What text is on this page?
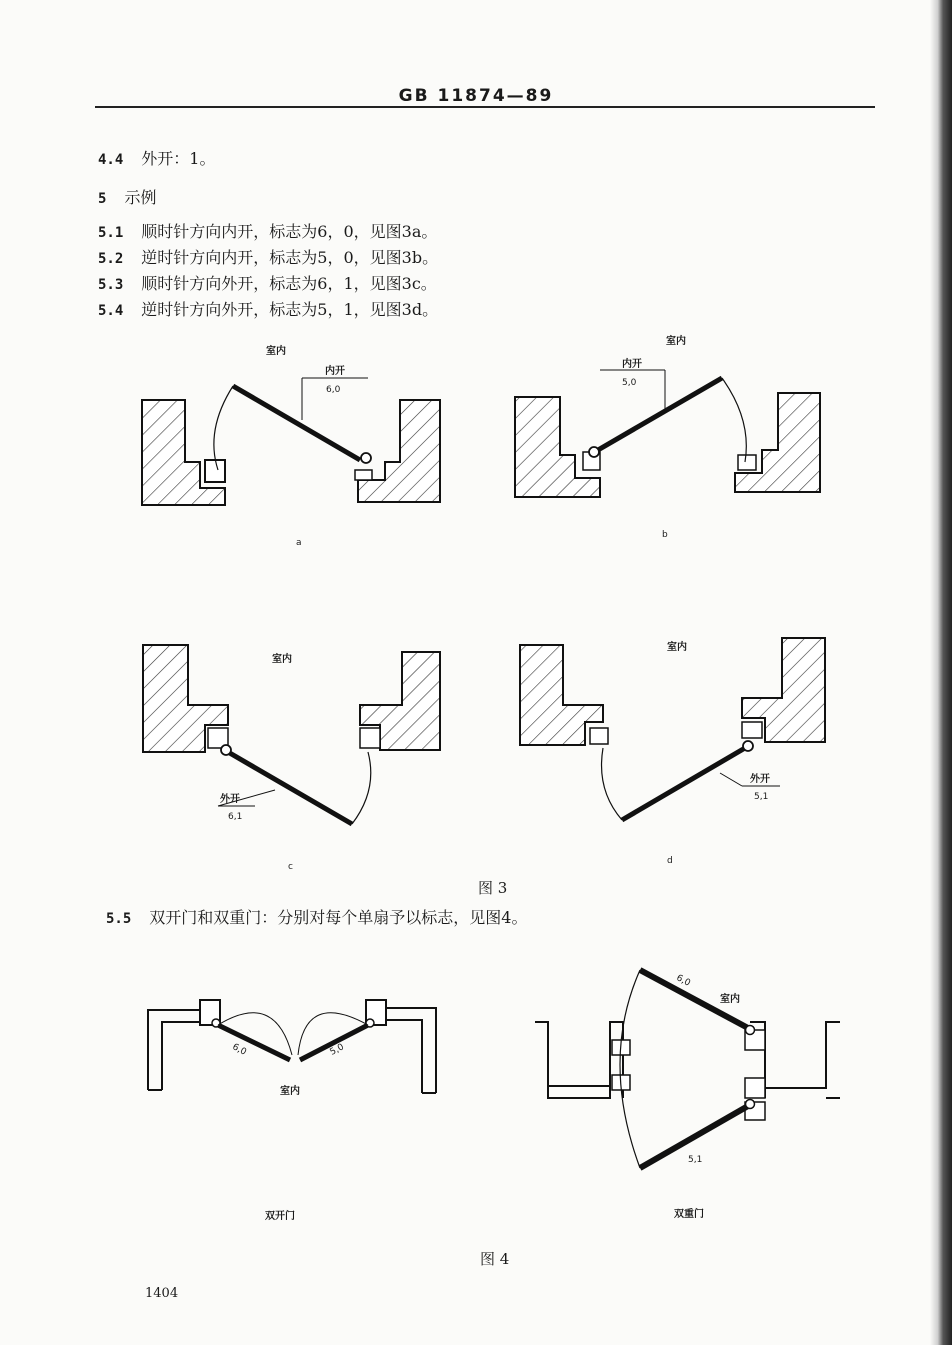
GB 11874—89
4.4 外开：1。
5 示例
5.1 顺时针方向内开，标志为6，0，见图3a。
5.2 逆时针方向内开，标志为5，0，见图3b。
5.3 顺时针方向外开，标志为6，1，见图3c。
5.4 逆时针方向外开，标志为5，1，见图3d。
室内
内开
6,0
a
室内
内开
5,0
b
室内
外开
6,1
c
室内
外开
5,1
d
图 3
5.5 双开门和双重门：分别对每个单扇予以标志，见图4。
6,0	5,0
室内
双开门
6,0
室内
5,1
双重门
图 4
1404
